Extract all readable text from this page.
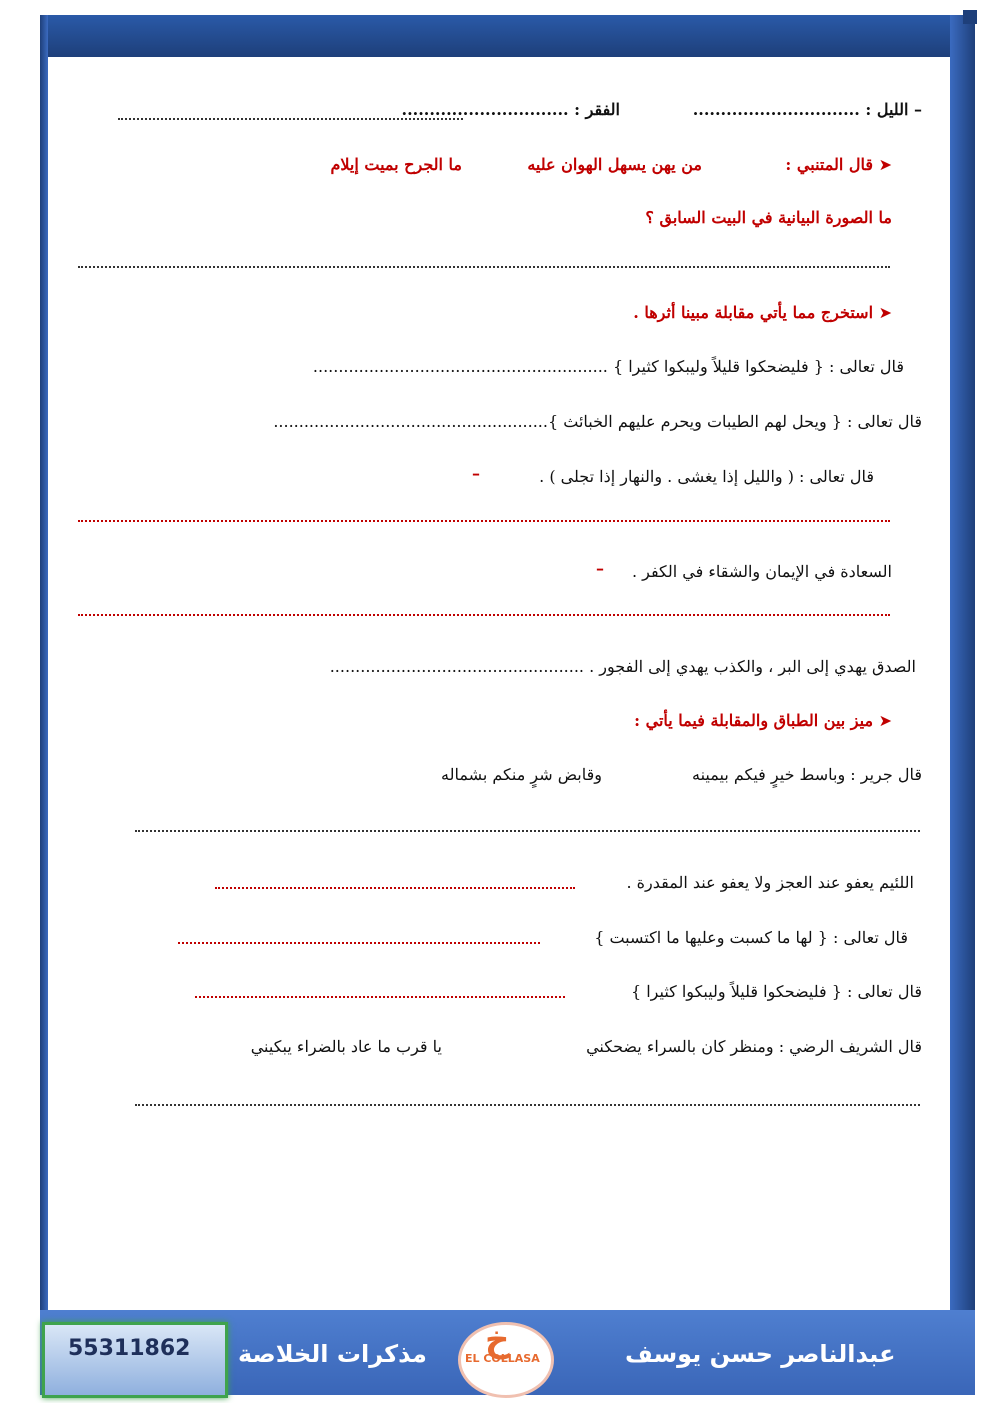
– الليل : ..............................
الفقر : ..............................
➤ قال المتنبي :
من يهن يسهل الهوان عليه
ما الجرح بميت إيلام
ما الصورة البيانية في البيت السابق ؟
➤ استخرج مما يأتي مقابلة مبينا أثرها .
قال تعالى : { فليضحكوا قليلاً وليبكوا كثيرا } ..........................................................
قال تعالى : { ويحل لهم الطيبات ويحرم عليهم الخبائث }......................................................
قال تعالى : ( والليل إذا يغشى . والنهار إذا تجلى ) .
–
السعادة في الإيمان والشقاء في الكفر .
–
الصدق يهدي إلى البر ، والكذب يهدي إلى الفجور . ..................................................
➤ ميز بين الطباق والمقابلة فيما يأتي :
قال جرير : وباسط خيرٍ فيكم بيمينه
وقابض شرٍ منكم بشماله
اللئيم يعفو عند العجز ولا يعفو عند المقدرة .
قال تعالى : { لها ما كسبت وعليها ما اكتسبت }
قال تعالى : { فليضحكوا قليلاً وليبكوا كثيرا }
قال الشريف الرضي : ومنظر كان بالسراء يضحكني
يا قرب ما عاد بالضراء يبكيني
55311862 مذكرات الخلاصة خ
EL COLLASA	عبدالناصر حسن يوسف
